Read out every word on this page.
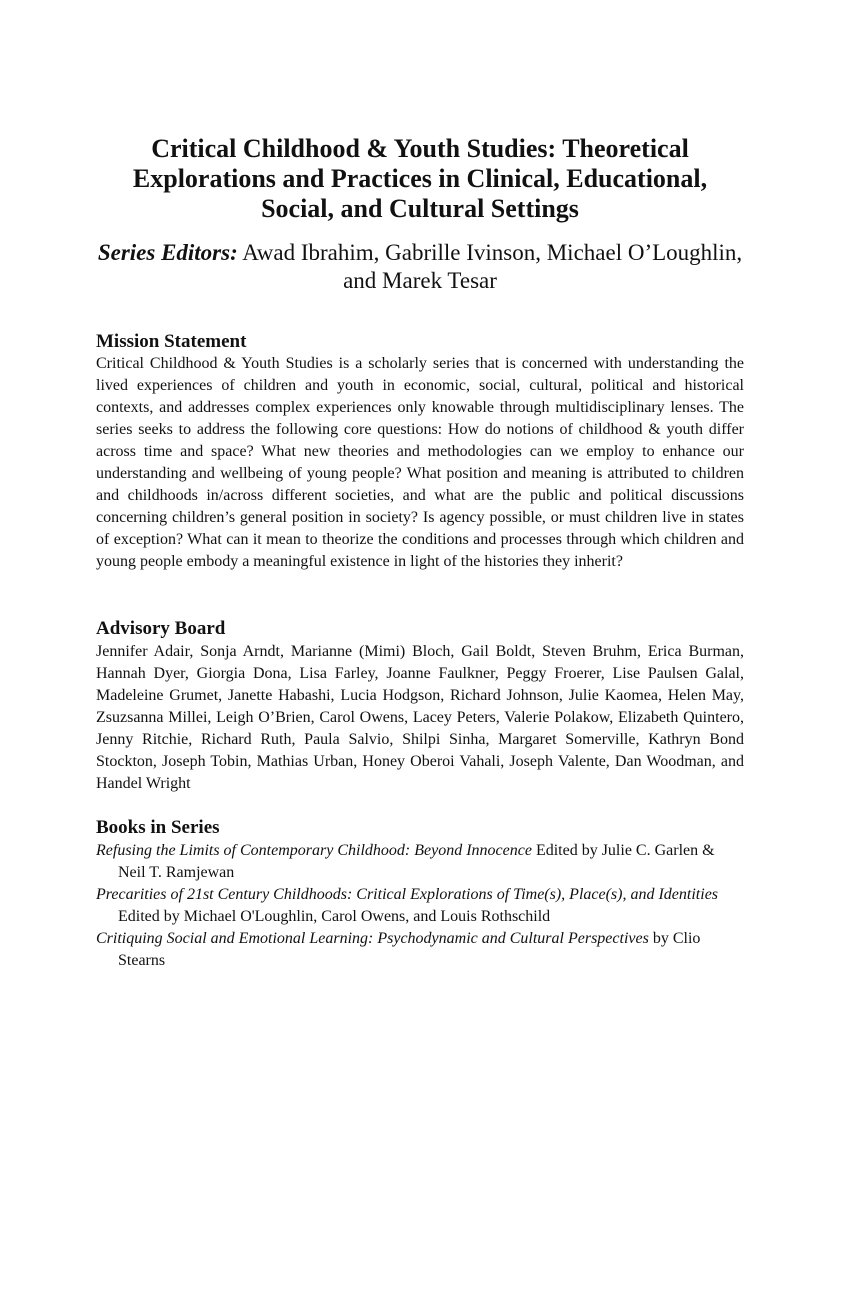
Critical Childhood & Youth Studies: Theoretical Explorations and Practices in Clinical, Educational, Social, and Cultural Settings
Series Editors: Awad Ibrahim, Gabrille Ivinson, Michael O’Loughlin, and Marek Tesar
Mission Statement
Critical Childhood & Youth Studies is a scholarly series that is concerned with understanding the lived experiences of children and youth in economic, social, cultural, political and historical contexts, and addresses complex experiences only knowable through multidisciplinary lenses. The series seeks to address the following core questions: How do notions of childhood & youth differ across time and space? What new theories and methodologies can we employ to enhance our understanding and wellbeing of young people? What position and meaning is attributed to children and childhoods in/across different societies, and what are the public and political discussions concerning children’s general position in society? Is agency possible, or must children live in states of exception? What can it mean to theorize the conditions and processes through which children and young people embody a meaningful existence in light of the histories they inherit?
Advisory Board
Jennifer Adair, Sonja Arndt, Marianne (Mimi) Bloch, Gail Boldt, Steven Bruhm, Erica Burman, Hannah Dyer, Giorgia Dona, Lisa Farley, Joanne Faulkner, Peggy Froerer, Lise Paulsen Galal, Madeleine Grumet, Janette Habashi, Lucia Hodgson, Richard Johnson, Julie Kaomea, Helen May, Zsuzsanna Millei, Leigh O’Brien, Carol Owens, Lacey Peters, Valerie Polakow, Elizabeth Quintero, Jenny Ritchie, Richard Ruth, Paula Salvio, Shilpi Sinha, Margaret Somerville, Kathryn Bond Stockton, Joseph Tobin, Mathias Urban, Honey Oberoi Vahali, Joseph Valente, Dan Woodman, and Handel Wright
Books in Series
Refusing the Limits of Contemporary Childhood: Beyond Innocence Edited by Julie C. Garlen & Neil T. Ramjewan
Precarities of 21st Century Childhoods: Critical Explorations of Time(s), Place(s), and Identities Edited by Michael O'Loughlin, Carol Owens, and Louis Rothschild
Critiquing Social and Emotional Learning: Psychodynamic and Cultural Perspectives by Clio Stearns
